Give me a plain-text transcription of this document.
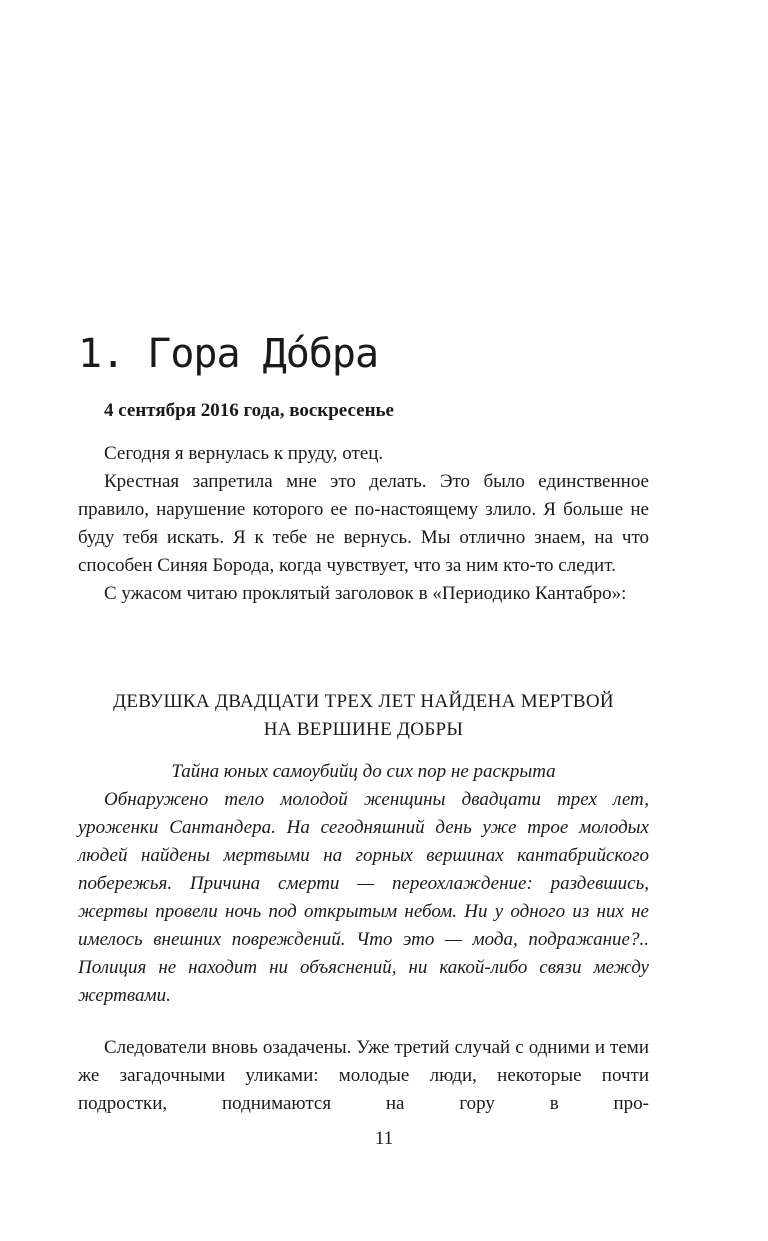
1. Гора До́бра
4 сентября 2016 года, воскресенье

Сегодня я вернулась к пруду, отец.

Крестная запретила мне это делать. Это было единственное правило, нарушение которого ее по-настоящему злило. Я больше не буду тебя искать. Я к тебе не вернусь. Мы отлично знаем, на что способен Синяя Борода, когда чувствует, что за ним кто-то следит.

С ужасом читаю проклятый заголовок в «Периодико Кантабро»:

ДЕВУШКА ДВАДЦАТИ ТРЕХ ЛЕТ НАЙДЕНА МЕРТВОЙ
НА ВЕРШИНЕ ДОБРЫ
Тайна юных самоубийц до сих пор не раскрыта

Обнаружено тело молодой женщины двадцати трех лет, уроженки Сантандера. На сегодняшний день уже трое молодых людей найдены мертвыми на горных вершинах кантабрийского побережья. Причина смерти — переохлаждение: раздевшись, жертвы провели ночь под открытым небом. Ни у одного из них не имелось внешних повреждений. Что это — мода, подражание?.. Полиция не находит ни объяснений, ни какой-либо связи между жертвами.

Следователи вновь озадачены. Уже третий случай с одними и теми же загадочными уликами: молодые люди, некоторые почти подростки, поднимаются на гору в про-

11
